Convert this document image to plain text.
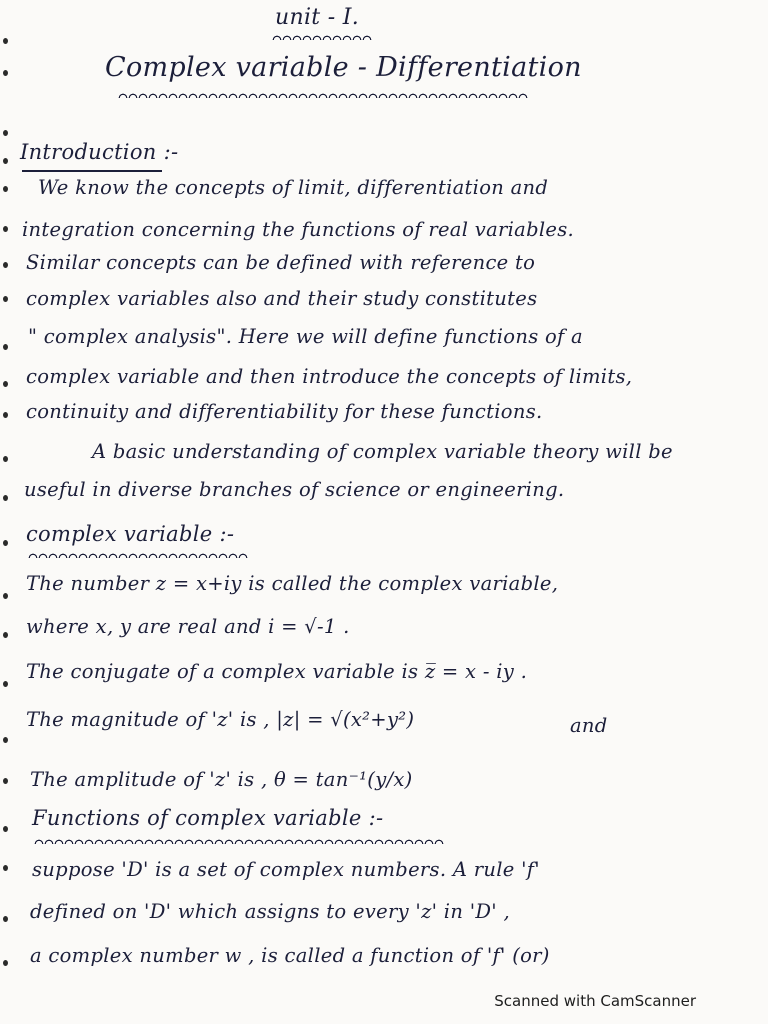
unit - I.
Complex variable - Differentiation
Introduction :-
We know the concepts of limit, differentiation and
integration concerning the functions of real variables.
Similar concepts can be defined with reference to
complex variables also and their study constitutes
" complex analysis". Here we will define functions of a
complex variable and then introduce the concepts of limits,
continuity and differentiability for these functions.
A basic understanding of complex variable theory will be
useful in diverse branches of science or engineering.
complex variable :-
The number z = x+iy is called the complex variable,
where x, y are real and i = √-1 .
The conjugate of a complex variable is z̅ = x - iy .
The magnitude of 'z' is , |z| = √(x²+y²)	and
The amplitude of 'z' is , θ = tan⁻¹(y/x)
Functions of complex variable :-
suppose 'D' is a set of complex numbers. A rule 'f'
defined on 'D' which assigns to every 'z' in 'D' ,
a complex number w , is called a function of 'f' (or)
Scanned with CamScanner
